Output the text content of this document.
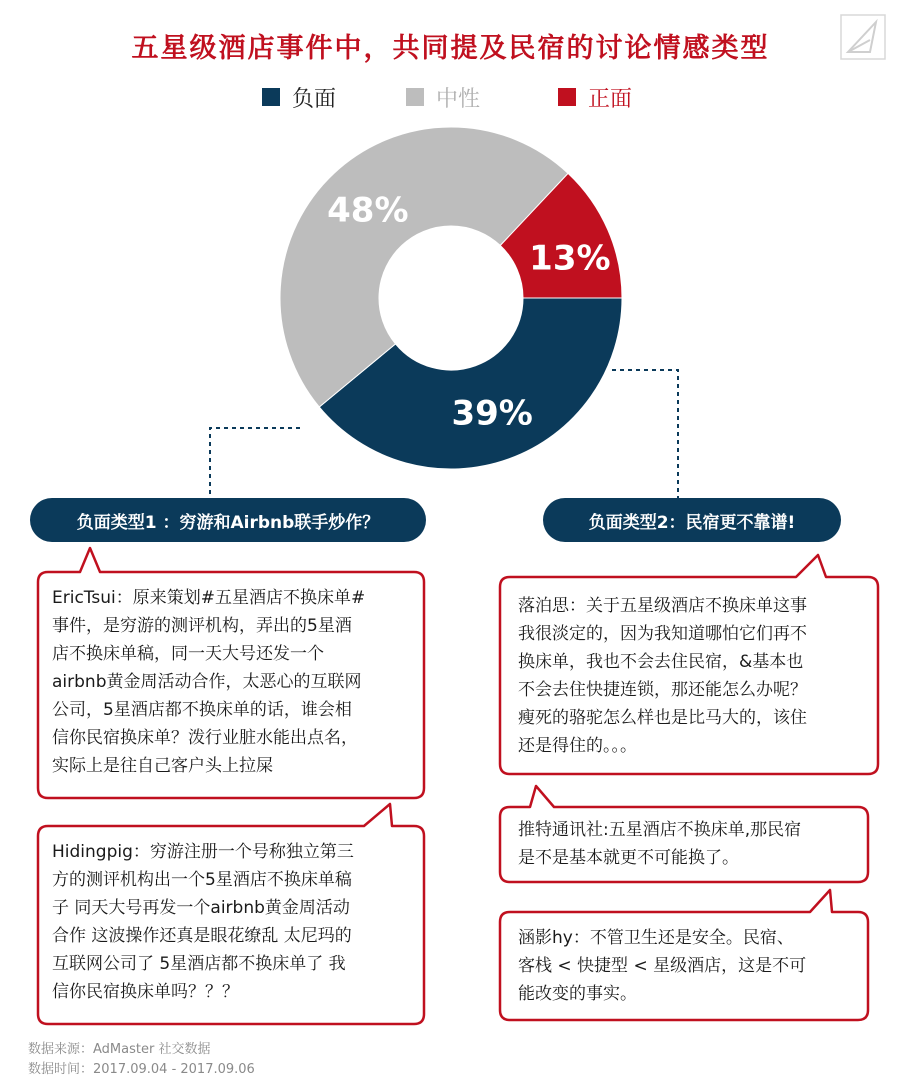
五星级酒店事件中，共同提及民宿的讨论情感类型
负面	中性	正面
39%
48%
13%
负面类型1 ：穷游和Airbnb联手炒作？	负面类型2：民宿更不靠谱!
EricTsui：原来策划#五星酒店不换床单#
事件，是穷游的测评机构，弄出的5星酒
店不换床单稿，同一天大号还发一个
airbnb黄金周活动合作，太恶心的互联网
公司，5星酒店都不换床单的话，谁会相
信你民宿换床单？泼行业脏水能出点名，
实际上是往自己客户头上拉屎
Hidingpig：穷游注册一个号称独立第三
方的测评机构出一个5星酒店不换床单稿
子 同天大号再发一个airbnb黄金周活动
合作 这波操作还真是眼花缭乱 太尼玛的
互联网公司了 5星酒店都不换床单了 我
信你民宿换床单吗？？？
落泊思：关于五星级酒店不换床单这事
我很淡定的，因为我知道哪怕它们再不
换床单，我也不会去住民宿，&基本也
不会去住快捷连锁，那还能怎么办呢？
瘦死的骆驼怎么样也是比马大的，该住
还是得住的。。。
推特通讯社:五星酒店不换床单,那民宿
是不是基本就更不可能换了。
涵影hy：不管卫生还是安全。民宿、
客栈 < 快捷型 < 星级酒店，这是不可
能改变的事实。
数据来源：AdMaster 社交数据
数据时间：2017.09.04 - 2017.09.06
